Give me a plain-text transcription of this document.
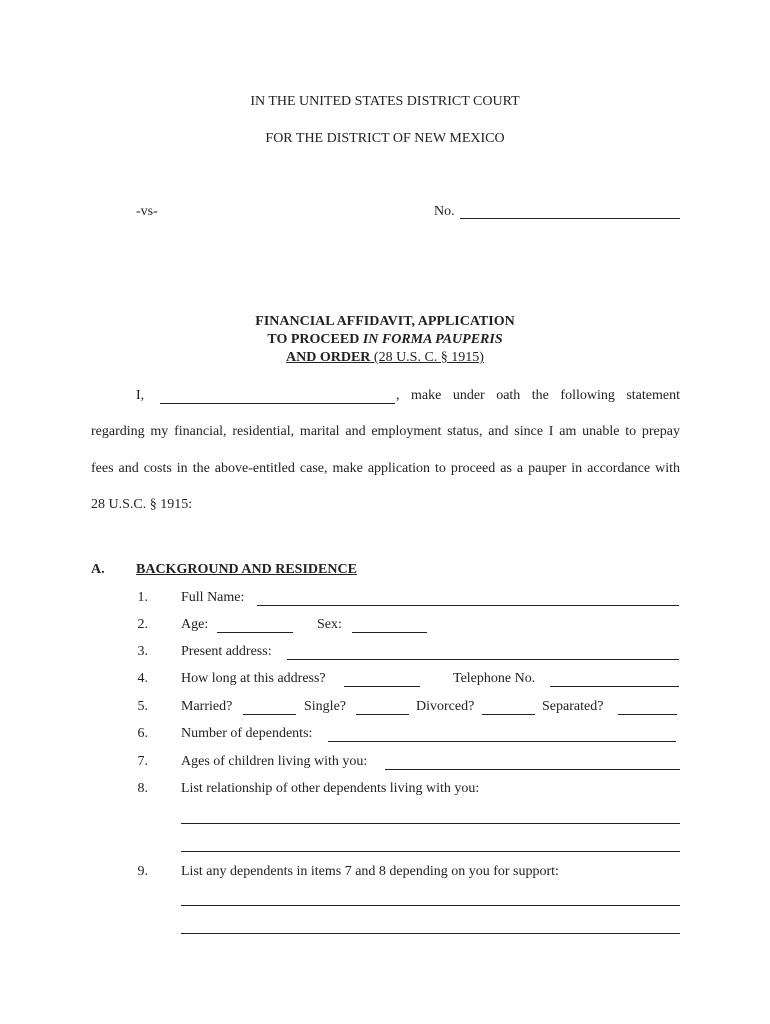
IN THE UNITED STATES DISTRICT COURT
FOR THE DISTRICT OF NEW MEXICO
-vs-	No.
FINANCIAL AFFIDAVIT, APPLICATION
TO PROCEED IN FORMA PAUPERIS
AND ORDER (28 U.S. C. § 1915)
I,	, make under oath the following statement
regarding my financial, residential, marital and employment status, and since I am unable to prepay
fees and costs in the above-entitled case, make application to proceed as a pauper in accordance with
28 U.S.C. § 1915:
A. BACKGROUND AND RESIDENCE
1. Full Name:
2. Age:	Sex:
3. Present address:
4. How long at this address?	Telephone No.
5. Married?	Single?	Divorced?	Separated?
6. Number of dependents:
7. Ages of children living with you:
8. List relationship of other dependents living with you:
9. List any dependents in items 7 and 8 depending on you for support:
